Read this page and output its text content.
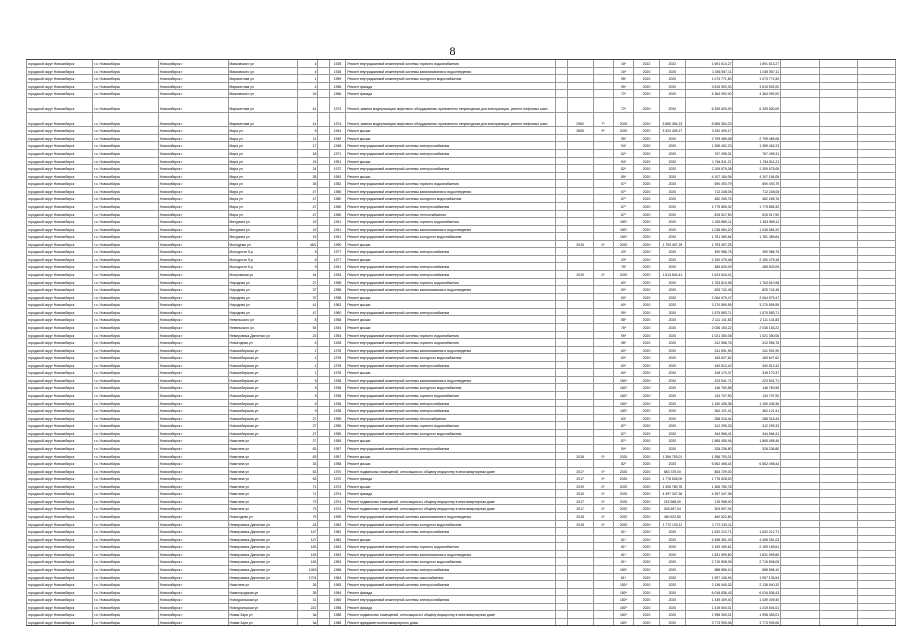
8
городской округ Новосибирск	г.о. Новосибирск	Новосибирск г	Маяковского ул	4	1928	Ремонт внутридомовой инженерной системы горячего водоснабжения	18*	2022	2022	1 691 613,27	1 691 613,27
городской округ Новосибирск	г.о. Новосибирск	Новосибирск г	Маяковского ул	4	1928	Ремонт внутридомовой инженерной системы канализования и водоотведения	18*	2020	2020	1 045 557,11	1 045 557,11
городской округ Новосибирск	г.о. Новосибирск	Новосибирск г	Мармонтова ул	1	1959	Ремонт внутридомовой инженерной системы холодного водоснабжения	95*	2020	2020	1 073 771,50	1 073 771,50
городской округ Новосибирск	г.о. Новосибирск	Новосибирск г	Мармонтова ул	4	1958	Ремонт фасада	95*	2020	2020	3 615 592,00	3 615 592,00
городской округ Новосибирск	г.о. Новосибирск	Новосибирск г	Маяковского ул	16	1966	Ремонт фасада	72*	2020	2020	4 364 092,00	4 364 092,00
городской округ Новосибирск	г.о. Новосибирск	Новосибирск г	Мармонтова ул	41	1974	Ремонт, замена модернизация лифтового оборудования, признанного непригодным для эксплуатации, ремонт лифтовых шахт	72*	2020	2020	6 339 600,00	6 339 600,00
городской округ Новосибирск	г.о. Новосибирск	Новосибирск г	Мармонтова ул	41	1974	Ремонт, замена модернизация лифтового оборудования, признанного непригодным для эксплуатации, ремонт лифтовых шахт	2960	7*	2020	2020	5 685 384,23	5 685 384,23
городской округ Новосибирск	г.о. Новосибирск	Новосибирск г	Мира ул	5	1944	Ремонт крыши	2806	9*	2020	2020	3 320 409,17	3 320 409,17
городской округ Новосибирск	г.о. Новосибирск	Новосибирск г	Мира ул	11	1949	Ремонт крыши	95*	2020	2020	2 799 485,08	2 799 485,08
городской округ Новосибирск	г.о. Новосибирск	Новосибирск г	Мира ул	17	1948	Ремонт внутридомовой инженерной системы электроснабжения	94*	2020	2020	1 359 462,23	1 359 462,23
городской округ Новосибирск	г.о. Новосибирск	Новосибирск г	Мира ул	18	1971	Ремонт внутридомовой инженерной системы электроснабжения	62*	2020	2020	767 495,31	767 495,31
городской округ Новосибирск	г.о. Новосибирск	Новосибирск г	Мира ул	19	1951	Ремонт крыши	54*	2020	2020	1 764 811,21	1 764 811,21
городской округ Новосибирск	г.о. Новосибирск	Новосибирск г	Мира ул	24	1972	Ремонт внутридомовой инженерной системы электроснабжения	82*	2020	2020	2 209 575,08	2 209 575,08
городской округ Новосибирск	г.о. Новосибирск	Новосибирск г	Мира ул	28	1953	Ремонт крыши	59*	2020	2020	4 107 184,06	4 107 184,06
городской округ Новосибирск	г.о. Новосибирск	Новосибирск г	Мира ул	35	1982	Ремонт внутридомовой инженерной системы горячего водоснабжения	67*	2020	2020	690 493,79	690 493,79
городской округ Новосибирск	г.о. Новосибирск	Новосибирск г	Мира ул	47	1980	Ремонт внутридомовой инженерной системы канализования и водоотведения	67*	2020	2020	712 248,05	712 248,05
городской округ Новосибирск	г.о. Новосибирск	Новосибирск г	Мира ул	47	1980	Ремонт внутридомовой инженерной системы холодного водоснабжения	67*	2020	2020	482 265,76	482 265,76
городской округ Новосибирск	г.о. Новосибирск	Новосибирск г	Мира ул	47	1980	Ремонт внутридомовой инженерной системы электроснабжения	67*	2020	2020	1 775 865,32	1 775 865,32
городской округ Новосибирск	г.о. Новосибирск	Новосибирск г	Мира ул	47	1980	Ремонт внутридомовой инженерной системы теплоснабжения	67*	2020	2020	815 517,50	815 517,50
городской округ Новосибирск	г.о. Новосибирск	Новосибирск г	Мичурина ул	19	1941	Ремонт внутридомовой инженерной системы горячего водоснабжения	180*	2020	2020	1 453 885,11	1 453 885,11
городской округ Новосибирск	г.о. Новосибирск	Новосибирск г	Мичурина ул	19	1941	Ремонт внутридомовой инженерной системы канализования и водоотведения	180*	2020	2020	1 036 584,20	1 036 584,20
городской округ Новосибирск	г.о. Новосибирск	Новосибирск г	Мичурина ул	19	1941	Ремонт внутридомовой инженерной системы холодного водоснабжения	180*	2020	2020	1 781 389,64	1 781 389,64
городской округ Новосибирск	г.о. Новосибирск	Новосибирск г	Молодежи ул	45/1	1990	Ремонт крыши	2015	0*	2020	2020	1 793 497,25	1 793 497,25
городской округ Новосибирск	г.о. Новосибирск	Новосибирск г	Молодости б-р	5	1977	Ремонт внутридомовой инженерной системы электроснабжения	43*	2020	2020	490 986,75	490 986,75
городской округ Новосибирск	г.о. Новосибирск	Новосибирск г	Молодости б-р	5	1977	Ремонт крыши	43*	2020	2020	2 150 475,48	2 150 475,48
городской округ Новосибирск	г.о. Новосибирск	Новосибирск г	Молодости б-р	9	1941	Ремонт внутридомовой инженерной системы электроснабжения	78*	2020	2020	485 833,09	485 833,09
городской округ Новосибирск	г.о. Новосибирск	Новосибирск г	Мопровская ул	44	1934	Ремонт внутридомовой инженерной системы электроснабжения	2019	0*	2020	2020	1 613 544,41	1 613 544,41
городской округ Новосибирск	г.о. Новосибирск	Новосибирск г	Народная ул	27	1958	Ремонт внутридомовой инженерной системы горячего водоснабжения	60*	2020	2020	1 763 810,98	1 763 810,98
городской округ Новосибирск	г.о. Новосибирск	Новосибирск г	Народная ул	37	1958	Ремонт внутридомовой инженерной системы канализования и водоотведения	60*	2020	2020	825 742,45	825 742,45
городской округ Новосибирск	г.о. Новосибирск	Новосибирск г	Народная ул	37	1958	Ремонт крыши	60*	2020	2020	2 064 579,47	2 064 579,47
городской округ Новосибирск	г.о. Новосибирск	Новосибирск г	Народная ул	41	1962	Ремонт крыши	60*	2020	2020	3 270 895,55	3 270 895,55
городской округ Новосибирск	г.о. Новосибирск	Новосибирск г	Народная ул	47	1960	Ремонт внутридомовой инженерной системы электроснабжения	95*	2020	2020	1 575 583,71	1 575 583,71
городской округ Новосибирск	г.о. Новосибирск	Новосибирск г	Невельского ул	5	1958	Ремонт крыши	58*	2020	2020	2 111 141,83	2 111 141,83
городской округ Новосибирск	г.о. Новосибирск	Новосибирск г	Невельского ул	53	1944	Ремонт крыши	78*	2020	2020	2 036 153,22	2 036 153,22
городской округ Новосибирск	г.о. Новосибирск	Новосибирск г	Немировича-Данченко ул	23	1954	Ремонт внутридомовой инженерной системы горячего водоснабжения	95*	2020	2020	1 021 350,06	1 021 350,06
городской округ Новосибирск	г.о. Новосибирск	Новосибирск г	Новогодняя ул	4	1928	Ремонт внутридомовой инженерной системы горячего водоснабжения	98*	2020	2020	312 556,76	312 556,76
городской округ Новосибирск	г.о. Новосибирск	Новосибирск г	Новосибирская ул	1	1978	Ремонт внутридомовой инженерной системы канализования и водоотведения	60*	2020	2020	241 591,90	241 591,90
городской округ Новосибирск	г.о. Новосибирск	Новосибирск г	Новосибирская ул	1	1978	Ремонт внутридомовой инженерной системы холодного водоснабжения	60*	2020	2020	183 627,62	183 627,62
городской округ Новосибирск	г.о. Новосибирск	Новосибирск г	Новосибирская ул	1	1978	Ремонт внутридомовой инженерной системы электроснабжения	60*	2020	2020	340 812,42	340 812,42
городской округ Новосибирск	г.о. Новосибирск	Новосибирск г	Новосибирская ул	1	1978	Ремонт крыши	60*	2020	2020	318 170,37	318 170,37
городской округ Новосибирск	г.о. Новосибирск	Новосибирск г	Новосибирская ул	5	1938	Ремонт внутридомовой инженерной системы канализования и водоотведения	180*	2020	2020	223 541,71	223 541,71
городской округ Новосибирск	г.о. Новосибирск	Новосибирск г	Новосибирская ул	5	1938	Ремонт внутридомовой инженерной системы холодного водоснабжения	180*	2020	2020	146 760,58	146 760,58
городской округ Новосибирск	г.о. Новосибирск	Новосибирск г	Новосибирская ул	5	1938	Ремонт внутридомовой инженерной системы горячего водоснабжения	180*	2020	2020	134 707,90	134 707,90
городской округ Новосибирск	г.о. Новосибирск	Новосибирск г	Новосибирская ул	5	1938	Ремонт внутридомовой инженерной системы электроснабжения	180*	2020	2020	1 150 436,36	1 150 436,36
городской округ Новосибирск	г.о. Новосибирск	Новосибирск г	Новосибирская ул	9	1938	Ремонт внутридомовой инженерной системы электроснабжения	180*	2020	2020	362 121,41	362 121,41
городской округ Новосибирск	г.о. Новосибирск	Новосибирск г	Новосибирская ул	27	1955	Ремонт внутридомовой инженерной системы теплоснабжения	63*	2020	2020	288 316,44	288 316,44
городской округ Новосибирск	г.о. Новосибирск	Новосибирск г	Новосибирская ул	27	1955	Ремонт внутридомовой инженерной системы горячего водоснабжения	87*	2020	2020	312 299,33	312 299,33
городской округ Новосибирск	г.о. Новосибирск	Новосибирск г	Новосибирская ул	27	1955	Ремонт внутридомовой инженерной системы холодного водоснабжения	87*	2020	2020	344 566,41	344 566,41
городской округ Новосибирск	г.о. Новосибирск	Новосибирск г	Никитина ул	27	1955	Ремонт крыши	87*	2020	2020	1 865 455,46	1 865 455,46
городской округ Новосибирск	г.о. Новосибирск	Новосибирск г	Никитина ул	63	1957	Ремонт внутридомовой инженерной системы электроснабжения	90*	2020	2020	328 236,80	328 236,80
городской округ Новосибирск	г.о. Новосибирск	Новосибирск г	Никитина ул	63	1957	Ремонт крыши	2018	0*	2020	2020	1 356 753,01	1 356 753,01
городской округ Новосибирск	г.о. Новосибирск	Новосибирск г	Никитина ул	33	1958	Ремонт крыши	82*	2020	2020	6 562 498,44	6 562 498,44
городской округ Новосибирск	г.о. Новосибирск	Новосибирск г	Никитина ул	63	1970	Ремонт подвальных помещений, относящихся к общему имуществу в многоквартирном доме	2017	0*	2020	2020	863 729,00	863 729,00
городской округ Новосибирск	г.о. Новосибирск	Новосибирск г	Никитина ул	63	1970	Ремонт фасада	2017	0*	2020	2020	1 778 528,00	1 778 528,00
городской округ Новосибирск	г.о. Новосибирск	Новосибирск г	Никитина ул	71	1974	Ремонт крыши	2019	0*	2020	2020	1 306 780,78	1 306 780,78
городской округ Новосибирск	г.о. Новосибирск	Новосибирск г	Никитина ул	71	1974	Ремонт фасада	2019	0*	2020	2020	4 397 347,36	4 397 347,36
городской округ Новосибирск	г.о. Новосибирск	Новосибирск г	Никитина ул	73	1974	Ремонт подвальных помещений, относящихся к общему имуществу в многоквартирном доме	2017	0*	2020	2020	215 968,00	215 968,00
городской округ Новосибирск	г.о. Новосибирск	Новосибирск г	Никитина ул	73	1974	Ремонт подвальных помещений, относящихся к общему имуществу в многоквартирном доме	2017	0*	2020	2020	303 697,04	303 697,04
городской округ Новосибирск	г.о. Новосибирск	Новосибирск г	Новогодняя ул	79	1959	Ремонт внутридомовой инженерной системы канализования и водоотведения	2018	0*	2020	2020	460 522,80	460 522,80
городской округ Новосибирск	г.о. Новосибирск	Новосибирск г	Немировича-Данченко ул	24	1962	Ремонт внутридомовой инженерной системы холодного водоснабжения	2018	0*	2020	2020	1 772 133,11	1 772 133,11
городской округ Новосибирск	г.о. Новосибирск	Новосибирск г	Немировича-Данченко ул	147	1962	Ремонт внутридомовой инженерной системы электроснабжения	61*	2020	2020	1 632 212,71	1 632 212,71
городской округ Новосибирск	г.о. Новосибирск	Новосибирск г	Немировича-Данченко ул	147	1962	Ремонт крыши	61*	2020	2020	4 458 351,03	4 458 351,03
городской округ Новосибирск	г.о. Новосибирск	Новосибирск г	Немировича-Данченко ул	163	1963	Ремонт внутридомовой инженерной системы горячего водоснабжения	61*	2020	2020	2 159 169,61	2 159 169,61
городской округ Новосибирск	г.о. Новосибирск	Новосибирск г	Немировича-Данченко ул	163	1963	Ремонт внутридомовой инженерной системы канализования и водоотведения	61*	2020	2020	1 831 599,80	1 831 599,80
городской округ Новосибирск	г.о. Новосибирск	Новосибирск г	Немировича-Данченко ул	163	1963	Ремонт внутридомовой инженерной системы холодного водоснабжения	61*	2020	2020	2 715 808,05	2 715 808,05
городской округ Новосибирск	г.о. Новосибирск	Новосибирск г	Немировича-Данченко ул	1063	1968	Ремонт внутридомовой инженерной системы электроснабжения	180*	2020	2020	588 856,10	588 856,10
городской округ Новосибирск	г.о. Новосибирск	Новосибирск г	Немировича-Данченко ул	1701	1964	Ремонт внутридомовой инженерной системы газоснабжения	61*	2020	2020	1 997 136,94	1 997 136,94
городской округ Новосибирск	г.о. Новосибирск	Новосибирск г	Никитина ул	26	1965	Ремонт внутридомовой инженерной системы электроснабжения	180*	2020	2020	2 136 940,32	2 136 940,32
городской округ Новосибирск	г.о. Новосибирск	Новосибирск г	Нижегородская ул	35	1954	Ремонт фасада	180*	2020	2020	6 016 836,43	6 016 836,43
городской округ Новосибирск	г.о. Новосибирск	Новосибирск г	Новоуральская ул	13	1960	Ремонт внутридомовой инженерной системы электроснабжения	180*	2020	2020	1 439 409,40	1 439 409,40
городской округ Новосибирск	г.о. Новосибирск	Новосибирск г	Новоуральская ул	222	1958	Ремонт фасада	180*	2020	2020	1 419 604,01	1 419 604,01
городской округ Новосибирск	г.о. Новосибирск	Новосибирск г	Новая Заря ул	3а	1988	Ремонт подвальных помещений, относящихся к общему имуществу в многоквартирном доме	180*	2020	2020	1 998 353,01	1 998 353,01
городской округ Новосибирск	г.о. Новосибирск	Новосибирск г	Новая Заря ул	3а	1988	Ремонт фундамента многоквартирного дома	180*	2020	2020	3 773 905,06	3 773 905,06
